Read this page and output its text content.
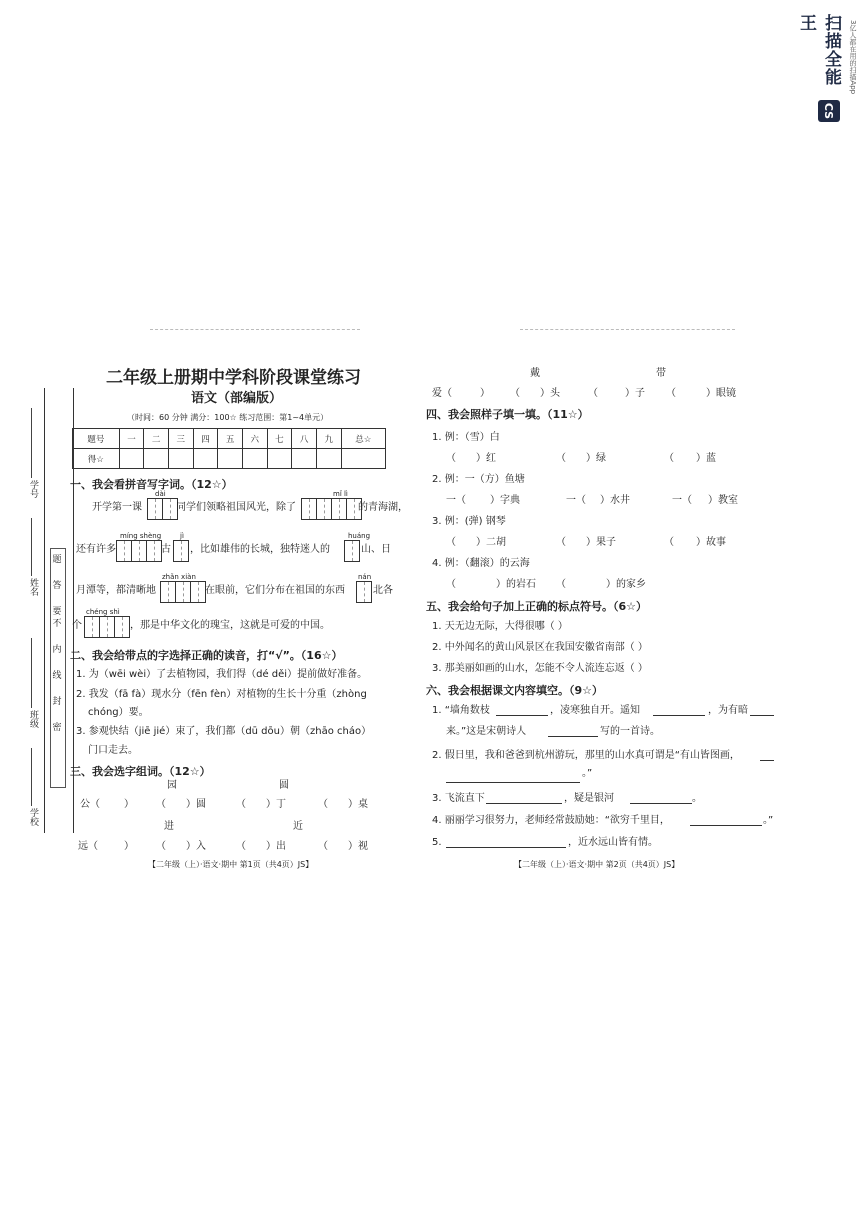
扫描全能王	3亿人都在用的扫描App
CS
学号
姓名
班级
学校
密
封
线
内
不
要
答
题
二年级上册期中学科阶段课堂练习
语文（部编版）
（时间：60 分钟 满分：100☆ 练习范围：第1~4单元）
题号	一	二	三	四	五	六	七	八	九	总☆
得☆										
一、我会看拼音写字词。（12☆）
dài	mǐ lì
开学第一课	同学们领略祖国风光，除了	的青海湖，
míng shèng	jì	huáng
还有许多	古 ，比如雄伟的长城，独特迷人的	山、日
zhǎn xiàn	nán
月潭等，都清晰地	在眼前，它们分布在祖国的东西	北各
chéng shì
个	，那是中华文化的瑰宝，这就是可爱的中国。
二、我会给带点的字选择正确的读音，打“√”。（16☆）
1. 为（wēi wèi）了去植物园，我们得（dé děi）提前做好准备。
2. 我发（fā fà）现水分（fēn fèn）对植物的生长十分重（zhòng
chóng）要。
3. 参观快结（jiē jié）束了，我们都（dū dōu）朝（zhāo cháo）
门口走去。
三、我会选字组词。（12☆）
园	圆
公（ ） （ ）圆	（ ）丁	（ ）桌
进	近
远（	） （ ）入	（ ）出	（ ）视
【二年级（上）·语文·期中 第1页（共4页）JS】
戴	带
爱（	） （ ）头	（	）子 （	）眼镜
四、我会照样子填一填。（11☆）
1. 例：（雪）白
（ ）红	（ ）绿	（ ）蓝
2. 例：一（方）鱼塘
一（ ）字典	一（ ）水井	一（ ）教室
3. 例：(弹) 钢琴
（ ）二胡	（ ）果子	（ ）故事
4. 例：（翻滚）的云海
（	）的岩石 （	）的家乡
五、我会给句子加上正确的标点符号。（6☆）
1. 天无边无际，大得很哪（ ）
2. 中外闻名的黄山风景区在我国安徽省南部（ ）
3. 那美丽如画的山水，怎能不令人流连忘返（ ）
六、我会根据课文内容填空。（9☆）
1. “墙角数枝	，凌寒独自开。遥知	，为有暗
来。”这是宋朝诗人	写的一首诗。
2. 假日里，我和爸爸到杭州游玩，那里的山水真可谓是“有山皆图画，
。”
3. 飞流直下	，疑是银河	。
4. 丽丽学习很努力，老师经常鼓励她：“欲穷千里目，	。”
5.	，近水远山皆有情。
【二年级（上）·语文·期中 第2页（共4页）JS】
